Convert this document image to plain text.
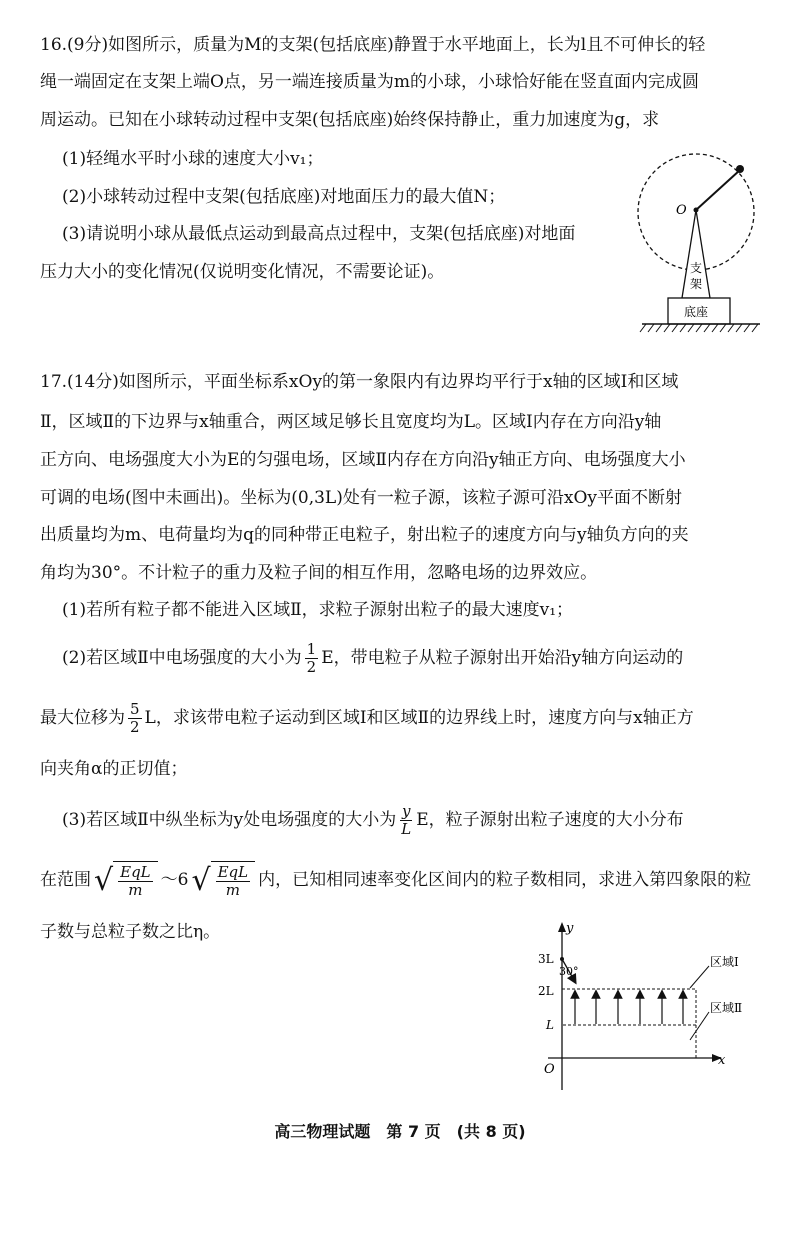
16.(9分)如图所示，质量为M的支架(包括底座)静置于水平地面上，长为l且不可伸长的轻
绳一端固定在支架上端O点，另一端连接质量为m的小球，小球恰好能在竖直面内完成圆
周运动。已知在小球转动过程中支架(包括底座)始终保持静止，重力加速度为g，求
(1)轻绳水平时小球的速度大小v₁；
(2)小球转动过程中支架(包括底座)对地面压力的最大值N；
(3)请说明小球从最低点运动到最高点过程中，支架(包括底座)对地面
压力大小的变化情况(仅说明变化情况，不需要论证)。
O
支
架
底座
17.(14分)如图所示，平面坐标系xOy的第一象限内有边界均平行于x轴的区域Ⅰ和区域
Ⅱ，区域Ⅱ的下边界与x轴重合，两区域足够长且宽度均为L。区域Ⅰ内存在方向沿y轴
正方向、电场强度大小为E的匀强电场，区域Ⅱ内存在方向沿y轴正方向、电场强度大小
可调的电场(图中未画出)。坐标为(0,3L)处有一粒子源，该粒子源可沿xOy平面不断射
出质量均为m、电荷量均为q的同种带正电粒子，射出粒子的速度方向与y轴负方向的夹
角均为30°。不计粒子的重力及粒子间的相互作用，忽略电场的边界效应。
(1)若所有粒子都不能进入区域Ⅱ，求粒子源射出粒子的最大速度v₁；
(2)若区域Ⅱ中电场强度的大小为 $\frac{1}{2}$ E，带电粒子从粒子源射出开始沿y轴方向运动的
最大位移为 $\frac{5}{2}$ L，求该带电粒子运动到区域Ⅰ和区域Ⅱ的边界线上时，速度方向与x轴正方
向夹角α的正切值；
(3)若区域Ⅱ中纵坐标为y处电场强度的大小为 $\frac{y}{L}$ E，粒子源射出粒子速度的大小分布
在范围 √ $\frac{\text{EqL}}{m}$ ～6 √ $\frac{\text{EqL}}{m}$ 内，已知相同速率变化区间内的粒子数相同，求进入第四象限的粒
子数与总粒子数之比η。	y
x
O
3L
2L
L
30°
区域Ⅰ
区域Ⅱ
高三物理试题　第 7 页　(共 8 页)
